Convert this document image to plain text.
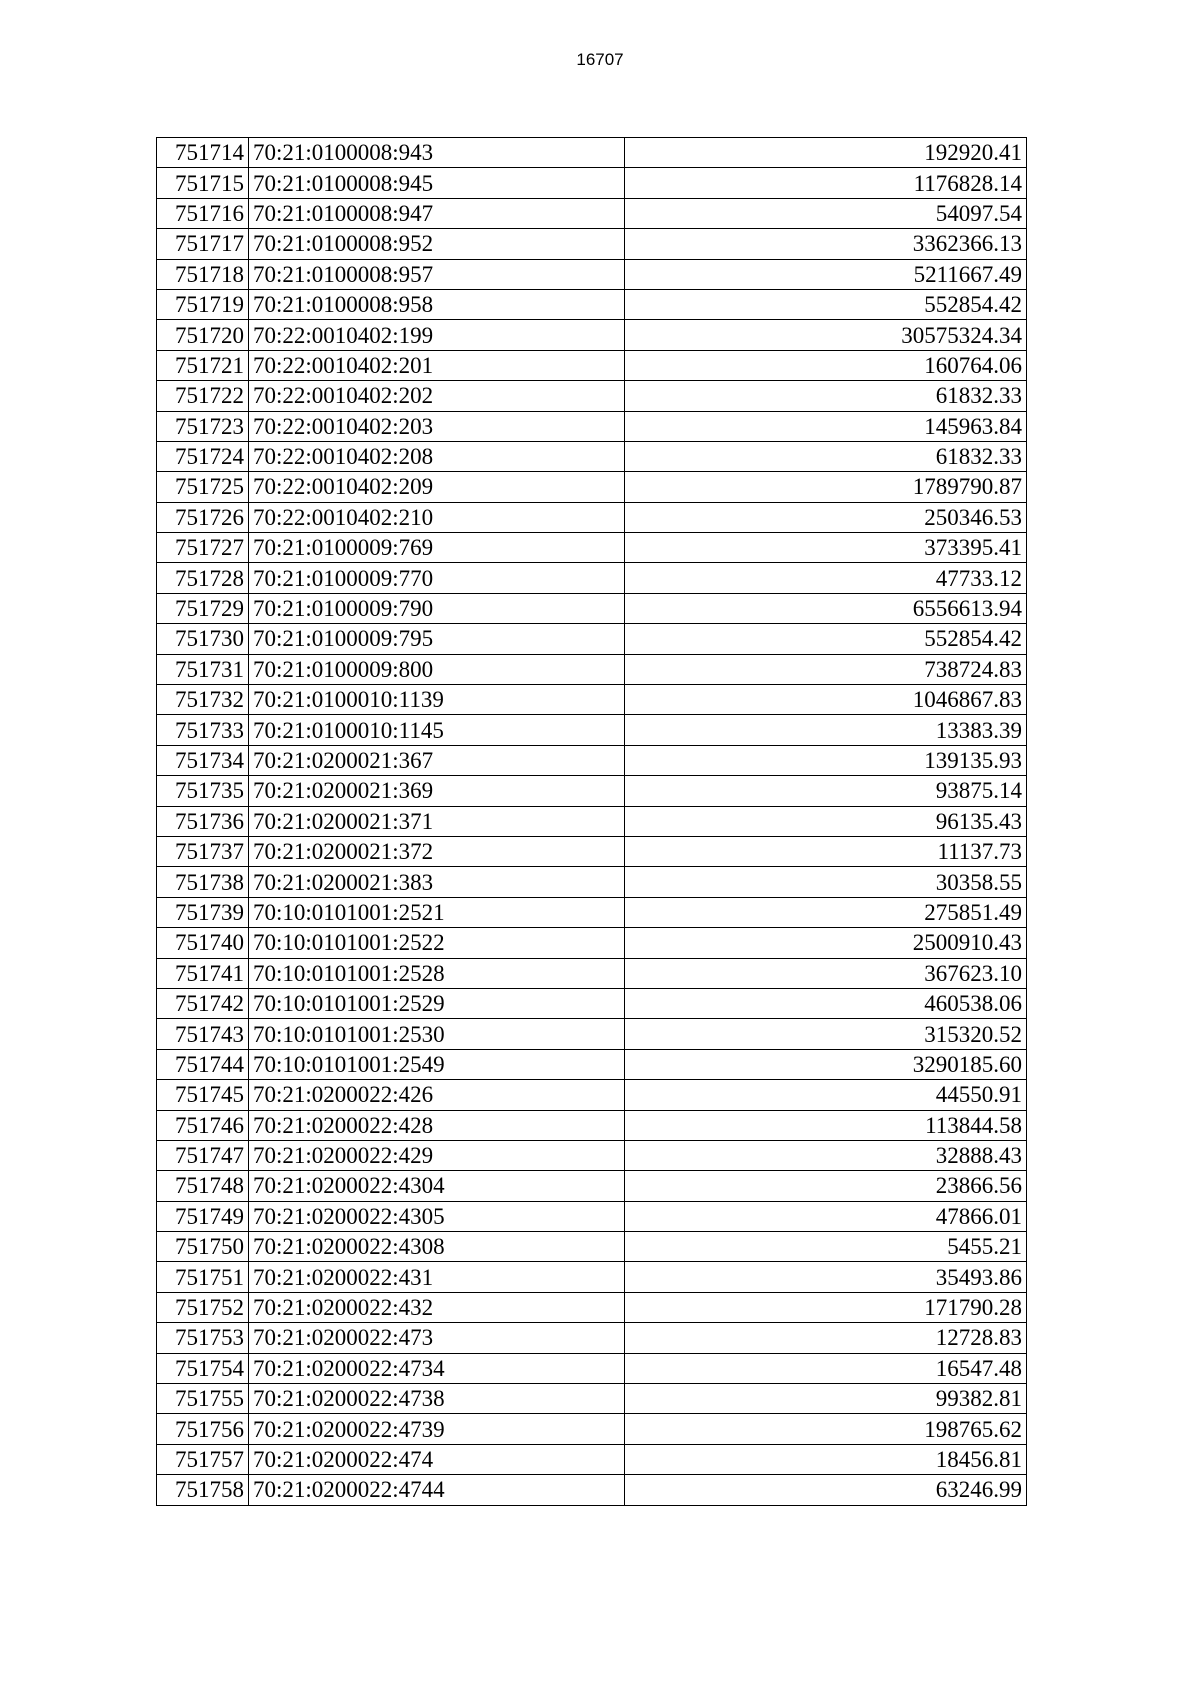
16707
751714	70:21:0100008:943	192920.41
751715	70:21:0100008:945	1176828.14
751716	70:21:0100008:947	54097.54
751717	70:21:0100008:952	3362366.13
751718	70:21:0100008:957	5211667.49
751719	70:21:0100008:958	552854.42
751720	70:22:0010402:199	30575324.34
751721	70:22:0010402:201	160764.06
751722	70:22:0010402:202	61832.33
751723	70:22:0010402:203	145963.84
751724	70:22:0010402:208	61832.33
751725	70:22:0010402:209	1789790.87
751726	70:22:0010402:210	250346.53
751727	70:21:0100009:769	373395.41
751728	70:21:0100009:770	47733.12
751729	70:21:0100009:790	6556613.94
751730	70:21:0100009:795	552854.42
751731	70:21:0100009:800	738724.83
751732	70:21:0100010:1139	1046867.83
751733	70:21:0100010:1145	13383.39
751734	70:21:0200021:367	139135.93
751735	70:21:0200021:369	93875.14
751736	70:21:0200021:371	96135.43
751737	70:21:0200021:372	11137.73
751738	70:21:0200021:383	30358.55
751739	70:10:0101001:2521	275851.49
751740	70:10:0101001:2522	2500910.43
751741	70:10:0101001:2528	367623.10
751742	70:10:0101001:2529	460538.06
751743	70:10:0101001:2530	315320.52
751744	70:10:0101001:2549	3290185.60
751745	70:21:0200022:426	44550.91
751746	70:21:0200022:428	113844.58
751747	70:21:0200022:429	32888.43
751748	70:21:0200022:4304	23866.56
751749	70:21:0200022:4305	47866.01
751750	70:21:0200022:4308	5455.21
751751	70:21:0200022:431	35493.86
751752	70:21:0200022:432	171790.28
751753	70:21:0200022:473	12728.83
751754	70:21:0200022:4734	16547.48
751755	70:21:0200022:4738	99382.81
751756	70:21:0200022:4739	198765.62
751757	70:21:0200022:474	18456.81
751758	70:21:0200022:4744	63246.99
